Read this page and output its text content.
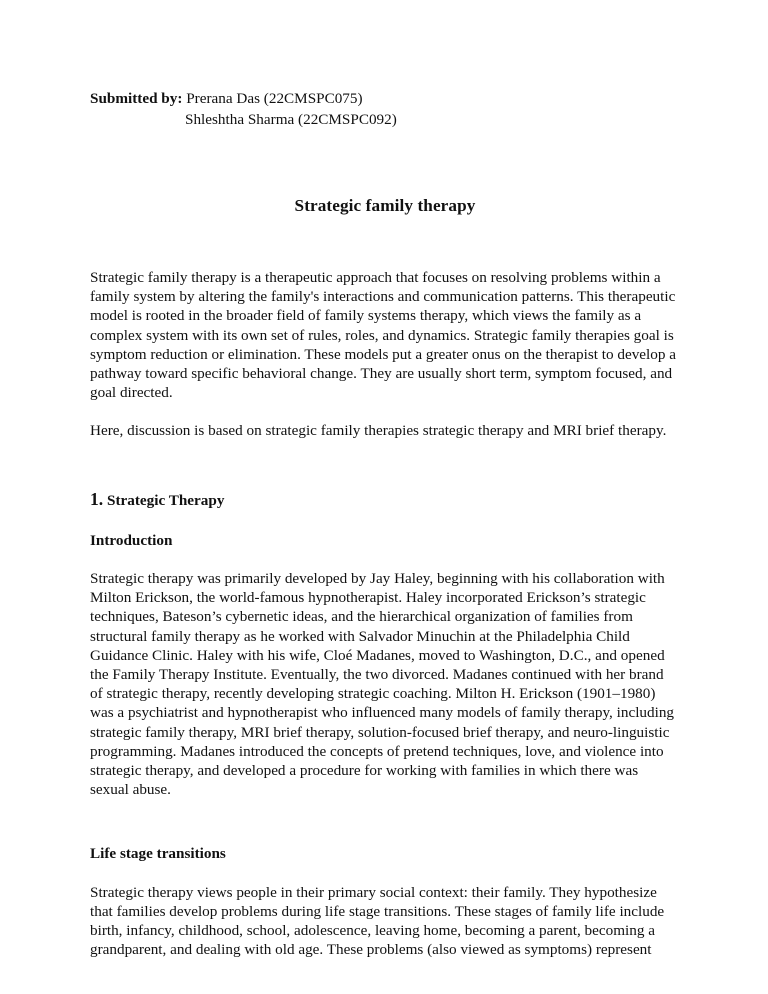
Submitted by: Prerana Das (22CMSPC075)
Shleshtha Sharma (22CMSPC092)
Strategic family therapy

Strategic family therapy is a therapeutic approach that focuses on resolving problems within a family system by altering the family's interactions and communication patterns. This therapeutic model is rooted in the broader field of family systems therapy, which views the family as a complex system with its own set of rules, roles, and dynamics. Strategic family therapies goal is symptom reduction or elimination. These models put a greater onus on the therapist to develop a pathway toward specific behavioral change. They are usually short term, symptom focused, and goal directed.

Here, discussion is based on strategic family therapies strategic therapy and MRI brief therapy.

1. Strategic Therapy
Introduction

Strategic therapy was primarily developed by Jay Haley, beginning with his collaboration with Milton Erickson, the world-famous hypnotherapist. Haley incorporated Erickson’s strategic techniques, Bateson’s cybernetic ideas, and the hierarchical organization of families from structural family therapy as he worked with Salvador Minuchin at the Philadelphia Child Guidance Clinic. Haley with his wife, Cloé Madanes, moved to Washington, D.C., and opened the Family Therapy Institute. Eventually, the two divorced. Madanes continued with her brand of strategic therapy, recently developing strategic coaching. Milton H. Erickson (1901–1980) was a psychiatrist and hypnotherapist who influenced many models of family therapy, including strategic family therapy, MRI brief therapy, solution-focused brief therapy, and neuro-linguistic programming. Madanes introduced the concepts of pretend techniques, love, and violence into strategic therapy, and developed a procedure for working with families in which there was sexual abuse.

Life stage transitions

Strategic therapy views people in their primary social context: their family. They hypothesize that families develop problems during life stage transitions. These stages of family life include birth, infancy, childhood, school, adolescence, leaving home, becoming a parent, becoming a grandparent, and dealing with old age. These problems (also viewed as symptoms) represent
